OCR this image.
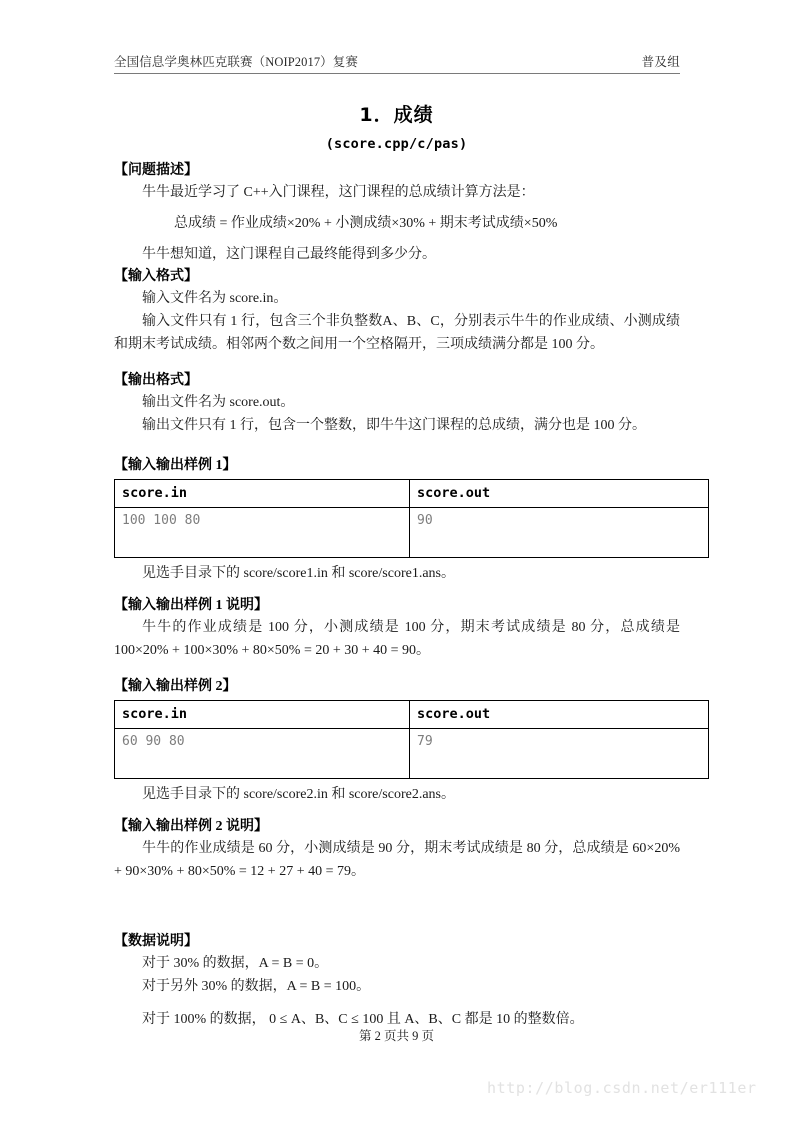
全国信息学奥林匹克联赛（NOIP2017）复赛	普及组
1．成绩
(score.cpp/c/pas)
【问题描述】

牛牛最近学习了 C++入门课程，这门课程的总成绩计算方法是：

总成绩 = 作业成绩×20% + 小测成绩×30% + 期末考试成绩×50%

牛牛想知道，这门课程自己最终能得到多少分。

【输入格式】

输入文件名为 score.in。

输入文件只有 1 行，包含三个非负整数A、B、C，分别表示牛牛的作业成绩、小测成绩和期末考试成绩。相邻两个数之间用一个空格隔开，三项成绩满分都是 100 分。

【输出格式】

输出文件名为 score.out。

输出文件只有 1 行，包含一个整数，即牛牛这门课程的总成绩，满分也是 100 分。

【输入输出样例 1】
score.in	score.out
100 100 80	90

见选手目录下的 score/score1.in 和 score/score1.ans。

【输入输出样例 1 说明】

牛牛的作业成绩是 100 分，小测成绩是 100 分，期末考试成绩是 80 分，总成绩是 100×20% + 100×30% + 80×50% = 20 + 30 + 40 = 90。

【输入输出样例 2】
score.in	score.out
60 90 80	79

见选手目录下的 score/score2.in 和 score/score2.ans。

【输入输出样例 2 说明】

牛牛的作业成绩是 60 分，小测成绩是 90 分，期末考试成绩是 80 分，总成绩是 60×20% + 90×30% + 80×50% = 12 + 27 + 40 = 79。

【数据说明】

对于 30% 的数据，A = B = 0。

对于另外 30% 的数据，A = B = 100。

对于 100% 的数据， 0 ≤ A、B、C ≤ 100 且 A、B、C 都是 10 的整数倍。

第 2 页共 9 页
http://blog.csdn.net/er111er
